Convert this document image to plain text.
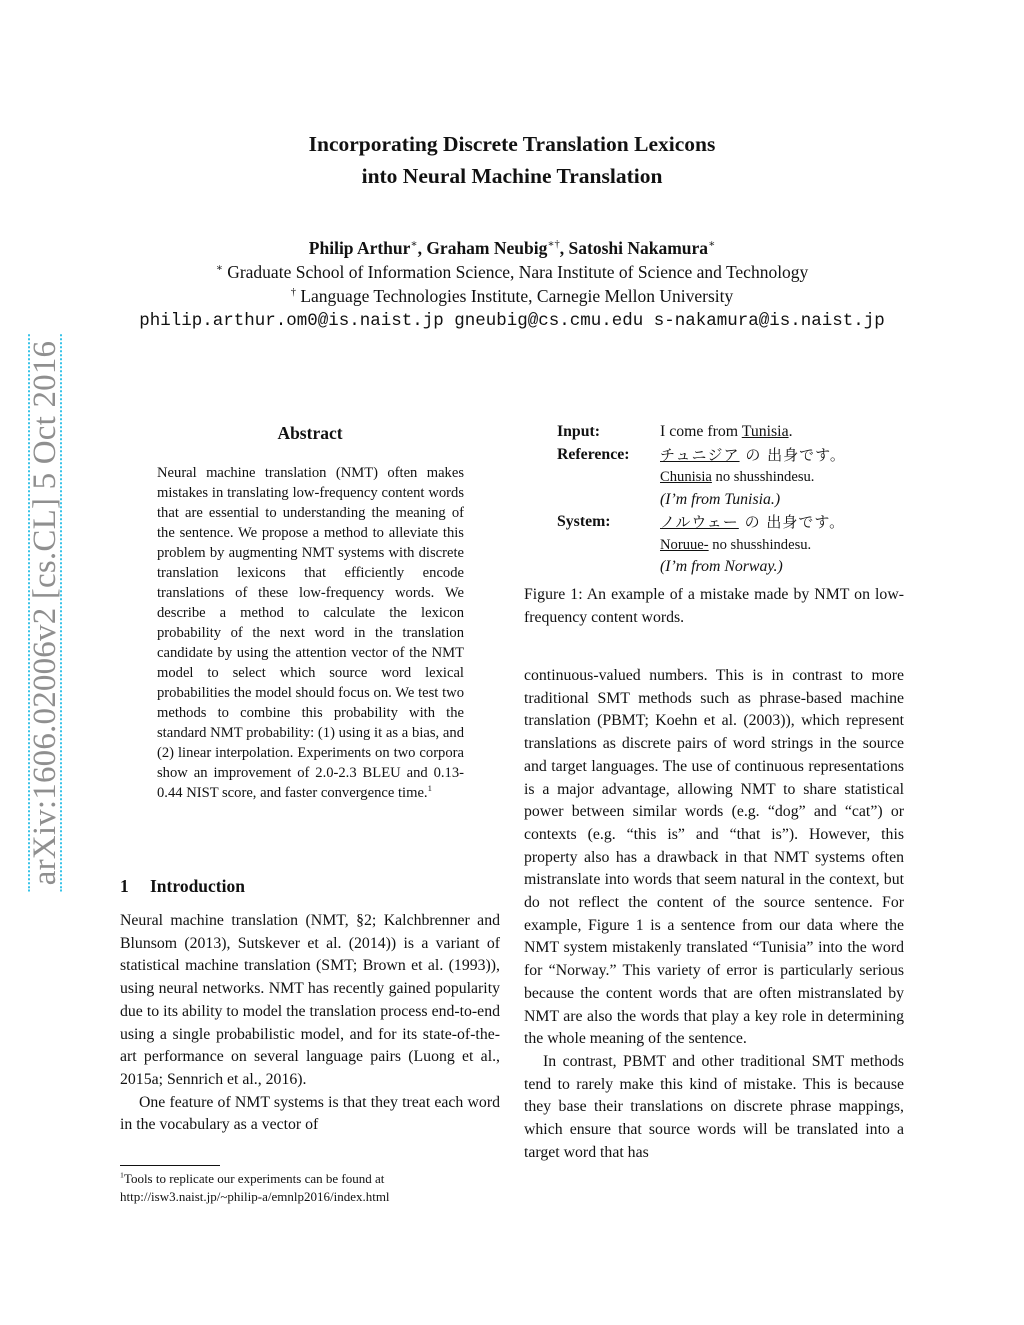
arXiv:1606.02006v2 [cs.CL] 5 Oct 2016
Incorporating Discrete Translation Lexicons
into Neural Machine Translation
Philip Arthur∗, Graham Neubig∗†, Satoshi Nakamura∗
∗ Graduate School of Information Science, Nara Institute of Science and Technology
† Language Technologies Institute, Carnegie Mellon University
philip.arthur.om0@is.naist.jp gneubig@cs.cmu.edu s-nakamura@is.naist.jp
Abstract
Neural machine translation (NMT) often makes mistakes in translating low-frequency content words that are essential to understanding the meaning of the sentence. We propose a method to alleviate this problem by augmenting NMT systems with discrete translation lexicons that efficiently encode translations of these low-frequency words. We describe a method to calculate the lexicon probability of the next word in the translation candidate by using the attention vector of the NMT model to select which source word lexical probabilities the model should focus on. We test two methods to combine this probability with the standard NMT probability: (1) using it as a bias, and (2) linear interpolation. Experiments on two corpora show an improvement of 2.0-2.3 BLEU and 0.13-0.44 NIST score, and faster convergence time.$^1$
1 Introduction

Neural machine translation (NMT, §2; Kalchbrenner and Blunsom (2013), Sutskever et al. (2014)) is a variant of statistical machine translation (SMT; Brown et al. (1993)), using neural networks. NMT has recently gained popularity due to its ability to model the translation process end-to-end using a single probabilistic model, and for its state-of-the-art performance on several language pairs (Luong et al., 2015a; Sennrich et al., 2016).

One feature of NMT systems is that they treat each word in the vocabulary as a vector of

$^1$Tools to replicate our experiments can be found at
http://isw3.naist.jp/~philip-a/emnlp2016/index.html
Input:	I come from Tunisia.
Reference: チュニジア の 出身です。
Chunisia no shusshindesu.
(I’m from Tunisia.)
System:	ノルウェー の 出身です。
Noruue- no shusshindesu.
(I’m from Norway.)
Figure 1: An example of a mistake made by NMT on low-frequency content words.

continuous-valued numbers. This is in contrast to more traditional SMT methods such as phrase-based machine translation (PBMT; Koehn et al. (2003)), which represent translations as discrete pairs of word strings in the source and target languages. The use of continuous representations is a major advantage, allowing NMT to share statistical power between similar words (e.g. “dog” and “cat”) or contexts (e.g. “this is” and “that is”). However, this property also has a drawback in that NMT systems often mistranslate into words that seem natural in the context, but do not reflect the content of the source sentence. For example, Figure 1 is a sentence from our data where the NMT system mistakenly translated “Tunisia” into the word for “Norway.” This variety of error is particularly serious because the content words that are often mistranslated by NMT are also the words that play a key role in determining the whole meaning of the sentence.

In contrast, PBMT and other traditional SMT methods tend to rarely make this kind of mistake. This is because they base their translations on discrete phrase mappings, which ensure that source words will be translated into a target word that has
